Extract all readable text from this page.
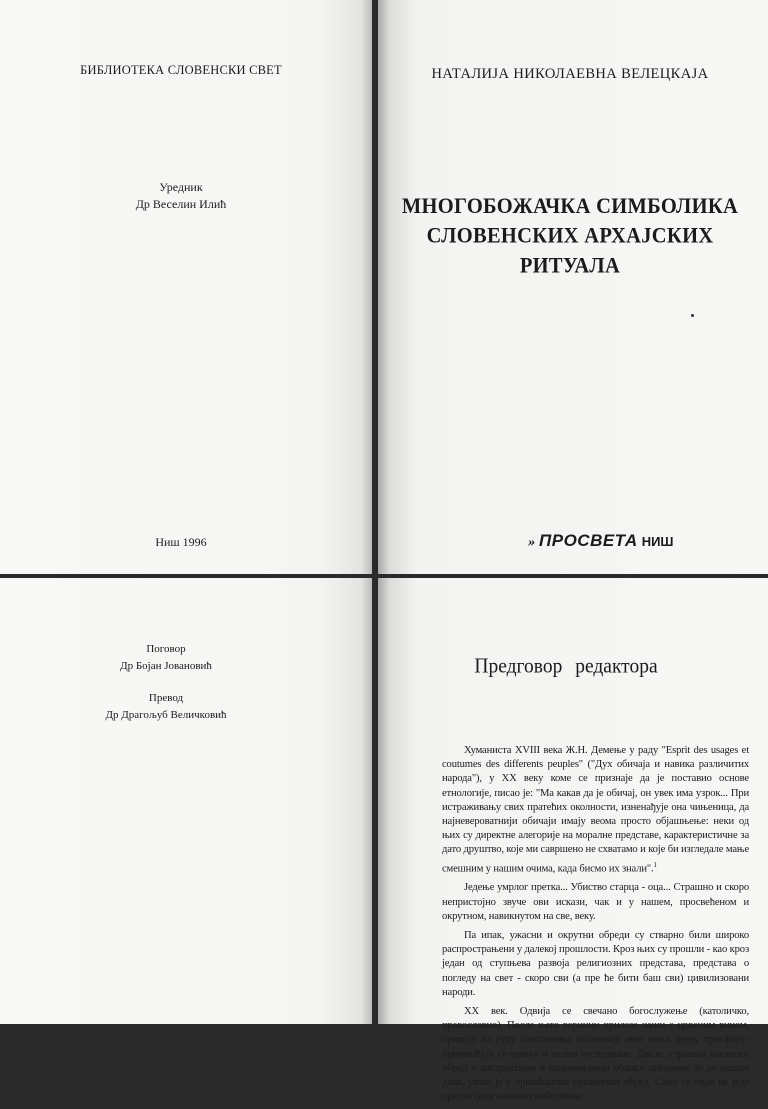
БИБЛИОТЕКА СЛОВЕНСКИ СВЕТ
Уредник
Др Веселин Илић
Ниш 1996
НАТАЛИЈА НИКОЛАЕВНА ВЕЛЕЦКАЈА
МНОГОБОЖАЧКА СИМБОЛИКА
СЛОВЕНСКИХ АРХАЈСКИХ
РИТУАЛА
» ПРОСВЕТА НИШ
Поговор
Др Бојан Јовановић
Превод
Др Драгољуб Величковић
Предговор редактора

Хуманиста XVIII века Ж.Н. Демење у раду "Esprit des usages et coutumes des differents peuples" ("Дух обичаја и навика различитих народа"), у XX веку коме се признаје да је поставио основе етнологије, писао је: "Ма какав да је обичај, он увек има узрок... При истраживању свих пратећих околности, изненађује она чињеница, да најневероватнији обичаји имају веома просто објашњење: неки од њих су директне алегорије на моралне представе, карактеристичне за дато друштво, које ми савршено не схватамо и које би изгледале мање смешним у нашим очима, када бисмо их знали".$^1$

Једење умрлог претка... Убиство старца - оца... Страшно и скоро непристојно звуче ови искази, чак и у нашем, просвећеном и окрутном, навикнутом на све, веку.

Па ипак, ужасни и окрутни обреди су стварно били широко распрострањени у далекој прошлости. Кроз њих су прошли - као кроз један од ступњева развоја религиозних представа, представа о погледу на свет - скоро сви (а пре ће бити баш сви) цивилизовани народи.

XX век. Одвија се свечано богослужење (католичко, православно). После њега верници прилазе чаши с црвеним вином, примају из руку свештеника кашичицу овог вина, једну просфору: причешћују се крвљу и телом господњим. Дакле, страшан пагански обред у апстрактном и оплемењеном облику преживео је до наших дана, ушао је у хришћански празнични обред. Само се овде не једе предак (или његова симболична
